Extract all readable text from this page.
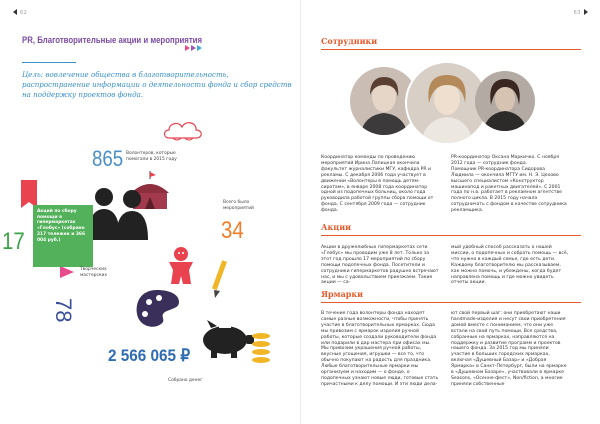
62
PR, Благотворительные акции и мероприятия

Цель: вовлечение общества в благотворительность, распространение информации о деятельности фонда и сбор средств на поддержку проектов фонда.

865 Волонтеров, которые помогали в 2015 году

34

Всего было мероприятий

Акций по сбору помощи в гипермаркетах «Глобус» (собрано 217 тележек и 366 004 руб.)

17
78

Творческих мастерских

2 566 065 ₽

Собрано денег

63
Сотрудники

Координатор команды по проведению мероприятий Ирина Лапицкая окончила факультет журналистики МГУ, кафедра PR и рекламы. С декабря 2006 года участвует в движении «Волонтеры в помощь детям-сиротам», в январе 2008 года координатор одной из подопечных больниц, около года руководила работой группы сбора помощи от фонда. С сентября 2009 года — сотрудник фонда.

PR-координатор Оксана Маркичко. С ноября 2012 года — сотрудник фонда.
Помощник PR-координатора Сидорова Людмила — окончила МГТУ им. Н. Э. Цехово высшего специалистом «Конструктор машинопод и ракетных двигателей». С 2001 года по н.в. работает в рекламном агентстве полного цикла. В 2015 году начала сотрудничать с фондом в качестве сотрудника рекламщика.

Акции

Акции в дружелюбных гипермаркетах сети «Глобус» мы проводим уже 8 лет. Только за этот год прошло 17 мероприятий по сбору помощи подопечных фонда. Посетители и сотрудники гипермаркетов радушно встречают нас, и мы с удовольствием приезжаем. Такие акции — са-

мый удобный способ рассказать о нашей миссии, о подопечных и собрать помощь — всё, что нужно в каждый семье, где есть дети. Каждому благотворителю мы рассказываем, как можно помочь, и убеждены, когда будет направлена помощь и где можно увидеть отчеты акции.

Ярмарки

В течение года волонтеры фонда находят самые разные возможности, чтобы принять участие в благотворительных ярмарках. Сюда мы привозим с ярмарок изделия ручной работы, которые создали руководители фонда или подарили в дар мастера при офисах мы. Мы привозим украшения ручной работы, вкусные угощения, игрушки — все то, что обычно покупают на радость для праздника. Любые благотворительные ярмарки мы организуем и находим — о фонде, о подопечных узнают новые люди, готовые стать причастными к делу помощи. И эти люди дела-

ют свой первый шаг: они приобретают наши handmade-изделия и несут свои приобретения домой вместе с пониманием, что они уже встали на свой путь помощи. Все средства, собранные на ярмарках, направляются на поддержку и развитие программ и проектов нашего фонда. За 2015 год мы приняли участие в больших городских ярмарках, включая «Душевный Базар» и «Добрая Ярмарка» в Санкт-Петербург, были на ярмарке в «Душевном Базаре», участвовали в ярмарке Seasons, «Осенне-фест», Non/fiction, а многие приняли собственные
